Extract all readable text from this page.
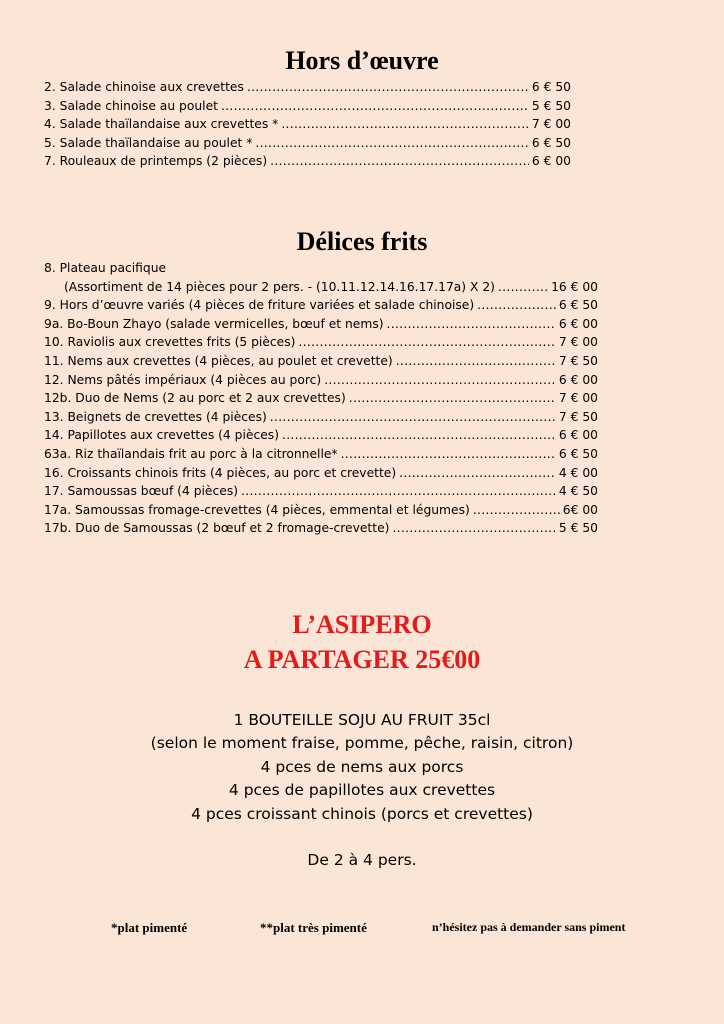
Hors d’œuvre
2. Salade chinoise aux crevettes .....	6 € 50
3. Salade chinoise au poulet .....	5 € 50
4. Salade thaïlandaise aux crevettes * .....	7 € 00
5. Salade thaïlandaise au poulet * .....	6 € 50
7. Rouleaux de printemps (2 pièces) .....	6 € 00
Délices frits
8. Plateau pacifique
(Assortiment de 14 pièces pour 2 pers. - (10.11.12.14.16.17.17a) X 2) .....	16 € 00
9. Hors d’œuvre variés (4 pièces de friture variées et salade chinoise) .....	6 € 50
9a. Bo-Boun Zhayo (salade vermicelles, bœuf et nems) .....	6 € 00
10. Raviolis aux crevettes frits (5 pièces) .....	7 € 00
11. Nems aux crevettes (4 pièces, au poulet et crevette) .....	7 € 50
12. Nems pâtés impériaux (4 pièces au porc) .....	6 € 00
12b. Duo de Nems (2 au porc et 2 aux crevettes) .....	7 € 00
13. Beignets de crevettes (4 pièces) .....	7 € 50
14. Papillotes aux crevettes (4 pièces) .....	6 € 00
63a. Riz thaïlandais frit au porc à la citronnelle* .....	6 € 50
16. Croissants chinois frits (4 pièces, au porc et crevette) .....	4 € 00
17. Samoussas bœuf (4 pièces) .....	4 € 50
17a. Samoussas fromage-crevettes (4 pièces, emmental et légumes) .....	6€ 00
17b. Duo de Samoussas (2 bœuf et 2 fromage-crevette) .....	5 € 50
L’ASIPERO
A PARTAGER 25€00
1 BOUTEILLE SOJU AU FRUIT 35cl
(selon le moment fraise, pomme, pêche, raisin, citron)
4 pces de nems aux porcs
4 pces de papillotes aux crevettes
4 pces croissant chinois (porcs et crevettes)
De 2 à 4 pers.
*plat pimenté	**plat très pimenté	n’hésitez pas à demander sans piment
